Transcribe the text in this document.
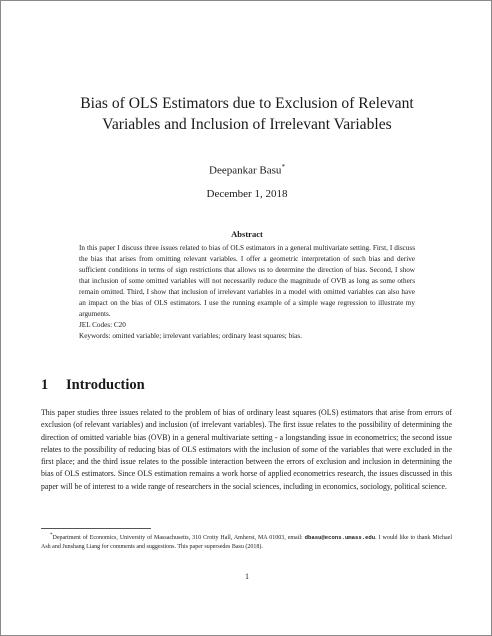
Bias of OLS Estimators due to Exclusion of Relevant
Variables and Inclusion of Irrelevant Variables
Deepankar Basu*
December 1, 2018
Abstract

In this paper I discuss three issues related to bias of OLS estimators in a general multivariate setting. First, I discuss the bias that arises from omitting relevant variables. I offer a geometric interpretation of such bias and derive sufficient conditions in terms of sign restrictions that allows us to determine the direction of bias. Second, I show that inclusion of some omitted variables will not necessarily reduce the magnitude of OVB as long as some others remain omitted. Third, I show that inclusion of irrelevant variables in a model with omitted variables can also have an impact on the bias of OLS estimators. I use the running example of a simple wage regression to illustrate my arguments.

JEL Codes: C20

Keywords: omitted variable; irrelevant variables; ordinary least squares; bias.

1 Introduction

This paper studies three issues related to the problem of bias of ordinary least squares (OLS) estimators that arise from errors of exclusion (of relevant variables) and inclusion (of irrelevant variables). The first issue relates to the possibility of determining the direction of omitted variable bias (OVB) in a general multivariate setting - a longstanding issue in econometrics; the second issue relates to the possibility of reducing bias of OLS estimators with the inclusion of some of the variables that were excluded in the first place; and the third issue relates to the possible interaction between the errors of exclusion and inclusion in determining the bias of OLS estimators. Since OLS estimation remains a work horse of applied econometrics research, the issues discussed in this paper will be of interest to a wide range of researchers in the social sciences, including in economics, sociology, political science.

*Department of Economics, University of Massachusetts, 310 Crotty Hall, Amherst, MA 01003, email: dbasu@econs.umass.edu. I would like to thank Michael Ash and Junshang Liang for comments and suggestions. This paper supersedes Basu (2018).

1
